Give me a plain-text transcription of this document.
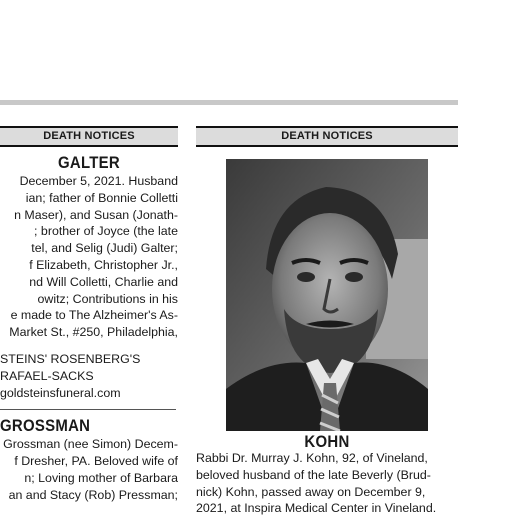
DEATH NOTICES
GALTER
December 5, 2021. Husband
ian; father of Bonnie Colletti
n Maser), and Susan (Jonath-
; brother of Joyce (the late
tel, and Selig (Judi) Galter;
f Elizabeth, Christopher Jr.,
nd Will Colletti, Charlie and
owitz; Contributions in his
e made to The Alzheimer's As-
Market St., #250, Philadelphia,
STEINS' ROSENBERG'S
RAFAEL-SACKS
goldsteinsfuneral.com
GROSSMAN
Grossman (nee Simon) Decem-
f Dresher, PA. Beloved wife of
n; Loving mother of Barbara
an and Stacy (Rob) Pressman;
DEATH NOTICES
KOHN
Rabbi Dr. Murray J. Kohn, 92, of Vineland,
beloved husband of the late Beverly (Brud-
nick) Kohn, passed away on December 9,
2021, at Inspira Medical Center in Vineland.
